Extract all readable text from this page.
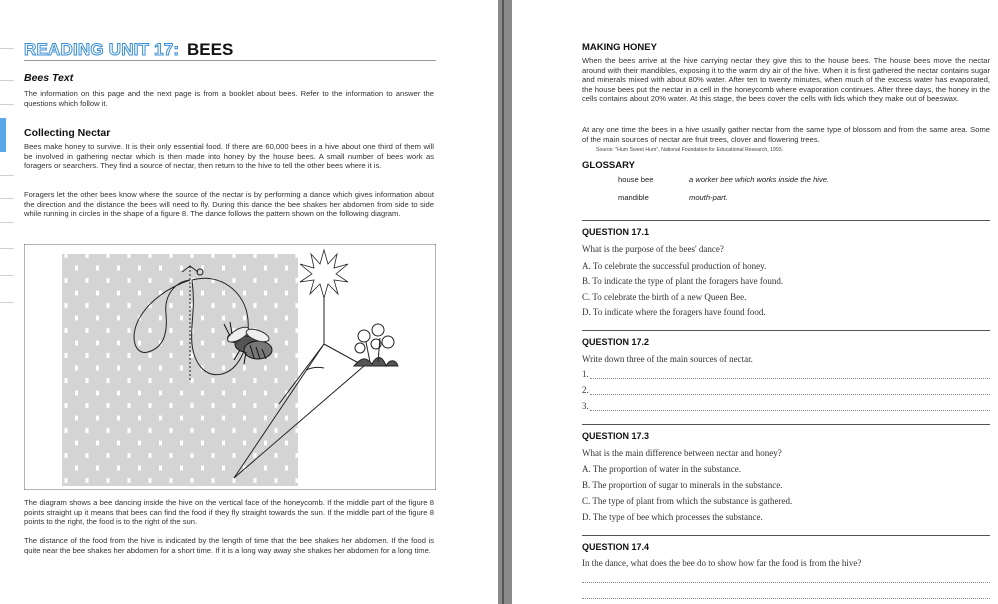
READING UNIT 17: BEES
Bees Text
The information on this page and the next page is from a booklet about bees. Refer to the information to answer the questions which follow it.
Collecting Nectar
Bees make honey to survive. It is their only essential food. If there are 60,000 bees in a hive about one third of them will be involved in gathering nectar which is then made into honey by the house bees. A small number of bees work as foragers or searchers. They find a source of nectar, then return to the hive to tell the other bees where it is.
Foragers let the other bees know where the source of the nectar is by performing a dance which gives information about the direction and the distance the bees will need to fly. During this dance the bee shakes her abdomen from side to side while running in circles in the shape of a figure 8. The dance follows the pattern shown on the following diagram.
The diagram shows a bee dancing inside the hive on the vertical face of the honeycomb. If the middle part of the figure 8 points straight up it means that bees can find the food if they fly straight towards the sun. If the middle part of the figure 8 points to the right, the food is to the right of the sun.
The distance of the food from the hive is indicated by the length of time that the bee shakes her abdomen. If the food is quite near the bee shakes her abdomen for a short time. If it is a long way away she shakes her abdomen for a long time.
MAKING HONEY
When the bees arrive at the hive carrying nectar they give this to the house bees. The house bees move the nectar around with their mandibles, exposing it to the warm dry air of the hive. When it is first gathered the nectar contains sugar and minerals mixed with about 80% water. After ten to twenty minutes, when much of the excess water has evaporated, the house bees put the nectar in a cell in the honeycomb where evaporation continues. After three days, the honey in the cells contains about 20% water. At this stage, the bees cover the cells with lids which they make out of beeswax.
At any one time the bees in a hive usually gather nectar from the same type of blossom and from the same area. Some of the main sources of nectar are fruit trees, clover and flowering trees.
Source: "Hum Sweet Hum", National Foundation for Educational Research, 1993.
GLOSSARY
house bee	a worker bee which works inside the hive.
mandible	mouth-part.
QUESTION 17.1
What is the purpose of the bees' dance?
A. To celebrate the successful production of honey.
B. To indicate the type of plant the foragers have found.
C. To celebrate the birth of a new Queen Bee.
D. To indicate where the foragers have found food.
QUESTION 17.2
Write down three of the main sources of nectar.
1.
2.
3.
QUESTION 17.3
What is the main difference between nectar and honey?
A. The proportion of water in the substance.
B. The proportion of sugar to minerals in the substance.
C. The type of plant from which the substance is gathered.
D. The type of bee which processes the substance.
QUESTION 17.4
In the dance, what does the bee do to show how far the food is from the hive?
